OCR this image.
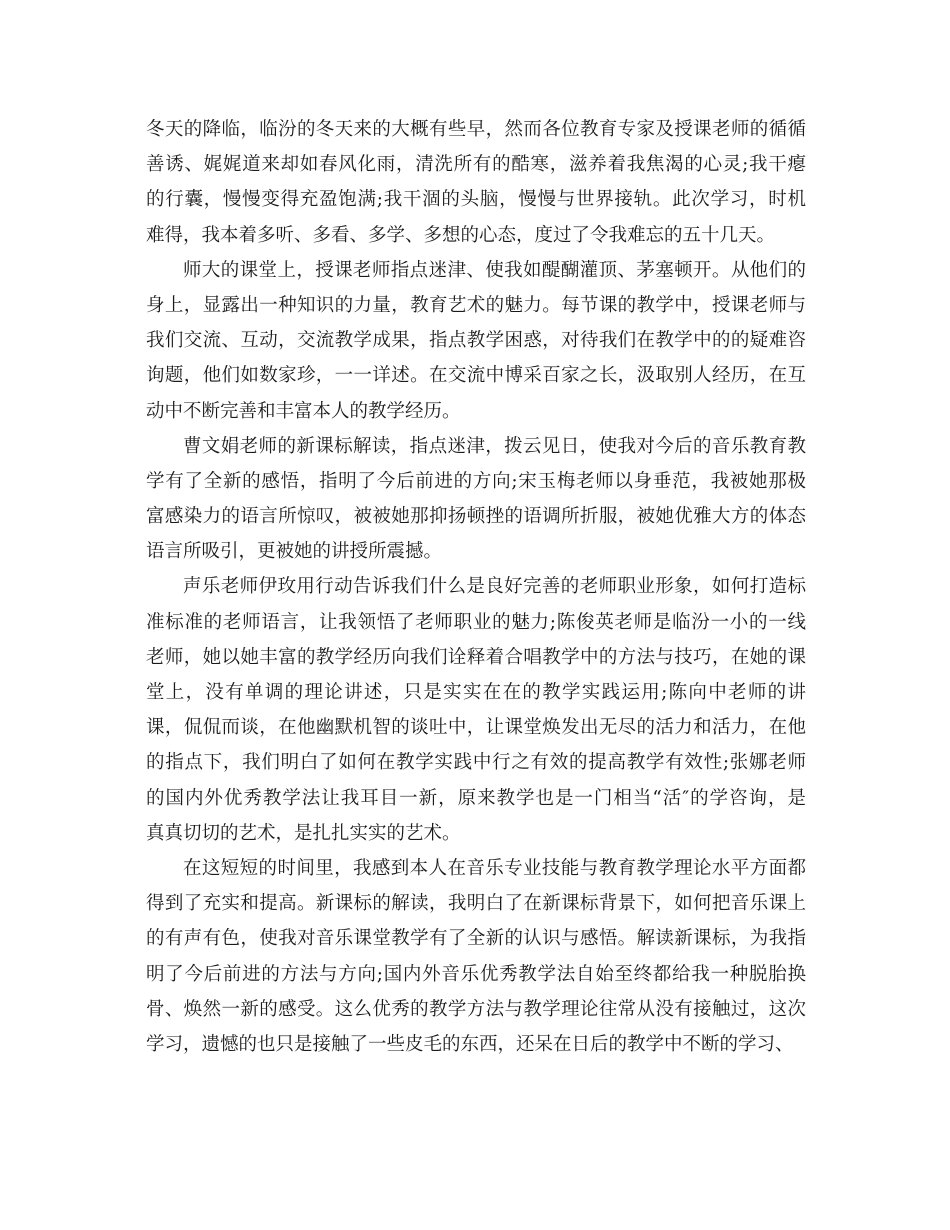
冬天的降临，临汾的冬天来的大概有些早，然而各位教育专家及授课老师的循循
善诱、娓娓道来却如春风化雨，清洗所有的酷寒，滋养着我焦渴的心灵;我干瘪
的行囊，慢慢变得充盈饱满;我干涸的头脑，慢慢与世界接轨。此次学习，时机
难得，我本着多听、多看、多学、多想的心态，度过了令我难忘的五十几天。
师大的课堂上，授课老师指点迷津、使我如醍醐灌顶、茅塞顿开。从他们的
身上，显露出一种知识的力量，教育艺术的魅力。每节课的教学中，授课老师与
我们交流、互动，交流教学成果，指点教学困惑，对待我们在教学中的的疑难咨
询题，他们如数家珍，一一详述。在交流中博采百家之长，汲取别人经历，在互
动中不断完善和丰富本人的教学经历。
曹文娟老师的新课标解读，指点迷津，拨云见日，使我对今后的音乐教育教
学有了全新的感悟，指明了今后前进的方向;宋玉梅老师以身垂范，我被她那极
富感染力的语言所惊叹，被被她那抑扬顿挫的语调所折服，被她优雅大方的体态
语言所吸引，更被她的讲授所震撼。
声乐老师伊玫用行动告诉我们什么是良好完善的老师职业形象，如何打造标
准标准的老师语言，让我领悟了老师职业的魅力;陈俊英老师是临汾一小的一线
老师，她以她丰富的教学经历向我们诠释着合唱教学中的方法与技巧，在她的课
堂上，没有单调的理论讲述，只是实实在在的教学实践运用;陈向中老师的讲
课，侃侃而谈，在他幽默机智的谈吐中，让课堂焕发出无尽的活力和活力，在他
的指点下，我们明白了如何在教学实践中行之有效的提高教学有效性;张娜老师
的国内外优秀教学法让我耳目一新，原来教学也是一门相当“活″的学咨询，是
真真切切的艺术，是扎扎实实的艺术。
在这短短的时间里，我感到本人在音乐专业技能与教育教学理论水平方面都
得到了充实和提高。新课标的解读，我明白了在新课标背景下，如何把音乐课上
的有声有色，使我对音乐课堂教学有了全新的认识与感悟。解读新课标，为我指
明了今后前进的方法与方向;国内外音乐优秀教学法自始至终都给我一种脱胎换
骨、焕然一新的感受。这么优秀的教学方法与教学理论往常从没有接触过，这次
学习，遗憾的也只是接触了一些皮毛的东西，还呆在日后的教学中不断的学习、
